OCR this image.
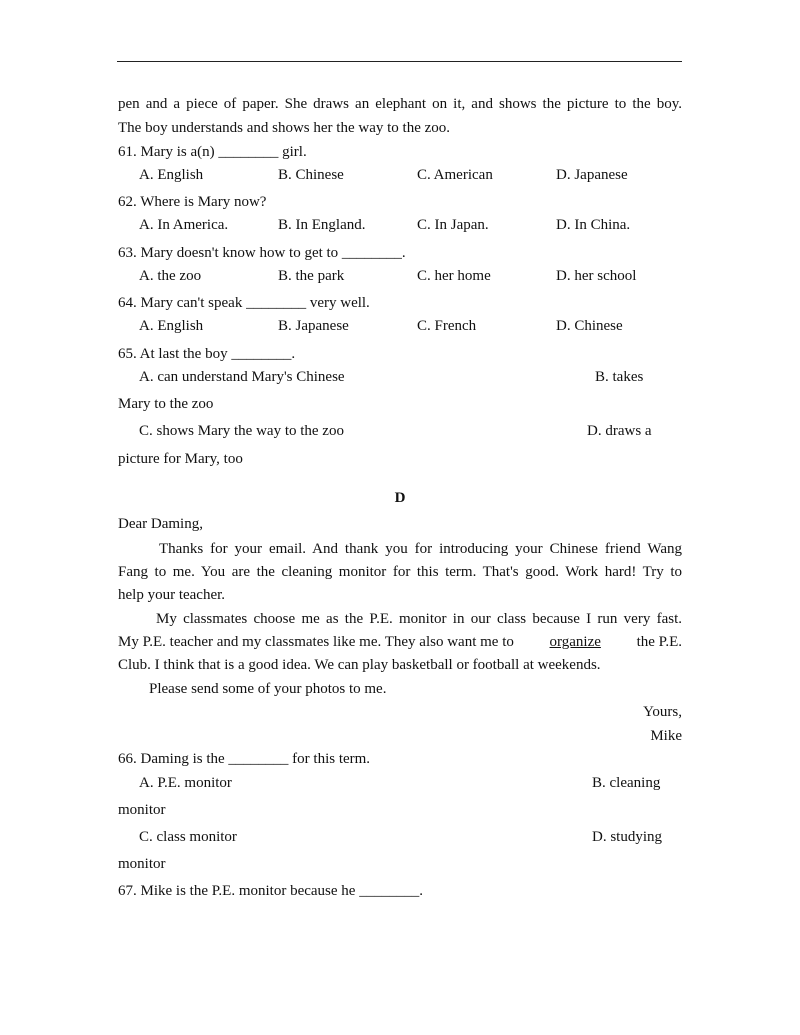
pen and a piece of paper. She draws an elephant on it, and shows the picture to the boy.
The boy understands and shows her the way to the zoo.
61. Mary is a(n) ________ girl.
A. English	B. Chinese	C. American	D. Japanese
62. Where is Mary now?
A. In America.	B. In England.	C. In Japan.	D. In China.
63. Mary doesn't know how to get to ________.
A. the zoo	B. the park	C. her home	D. her school
64. Mary can't speak ________ very well.
A. English	B. Japanese	C. French	D. Chinese
65. At last the boy ________.
A. can understand Mary's Chinese	B. takes
Mary to the zoo
C. shows Mary the way to the zoo	D. draws a
picture for Mary, too
D
Dear Daming,
Thanks for your email. And thank you for introducing your Chinese friend Wang
Fang to me. You are the cleaning monitor for this term. That's good. Work hard! Try to
help your teacher.
My classmates choose me as the P.E. monitor in our class because I run very fast.
My P.E. teacher and my classmates like me. They also want me to organize the P.E.
Club. I think that is a good idea. We can play basketball or football at weekends.
Please send some of your photos to me.
Yours,
Mike
66. Daming is the ________ for this term.
A. P.E. monitor	B. cleaning
monitor
C. class monitor	D. studying
monitor
67. Mike is the P.E. monitor because he ________.
